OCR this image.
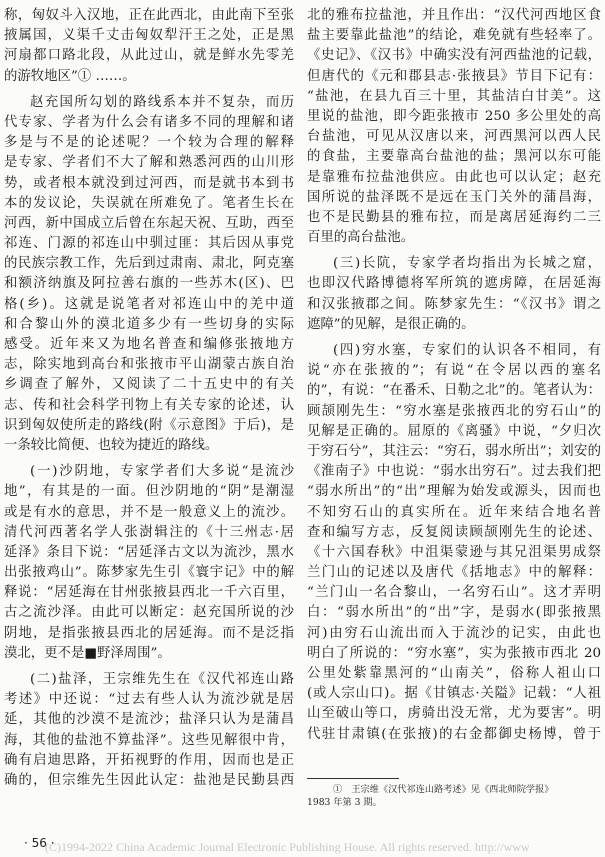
称，匈奴斗入汉地，正在此西北，由此南下至张
掖属国，义渠千丈击匈奴犁汗王之处，正是黑
河扇都口路北段，从此过山，就是鲜水先零羌
的游牧地区”① ……。
赵充国所勾划的路线系本并不复杂，而历
代专家、学者为什么会有诸多不同的理解和诸
多是与不是的论述呢？一个较为合理的解释
是专家、学者们不大了解和熟悉河西的山川形
势，或者根本就没到过河西，而是就书本到书
本的发议论，失误就在所难免了。笔者生长在
河西，新中国成立后曾在东起天祝、互助，西至
祁连、门源的祁连山中驯过匪：其后因从事党
的民族宗教工作，先后到过肃南、肃北，阿克塞
和额济纳旗及阿拉善右旗的一些苏木(区)、巴
格(乡)。这就是说笔者对祁连山中的羌中道
和合黎山外的漠北道多少有一些切身的实际
感受。近年来又为地名普查和编修张掖地方
志，除实地到高台和张掖市平山湖蒙古族自治
乡调查了解外，又阅读了二十五史中的有关
志、传和社会科学刊物上有关专家的论述，认
识到匈奴使所走的路线(附《示意图》于后)，是
一条较比简便、也较为捷近的路线。
(一)沙阴地，专家学者们大多说“是流沙
地”，有其是的一面。但沙阴地的“阴”是潮湿
或是有水的意思，并不是一般意义上的流沙。
清代河西著名学人张澍辑注的《十三州志·居
延泽》条目下说：“居延泽古文以为流沙，黑水
出张掖鸡山”。陈梦家先生引《寰宇记》中的解
释说：“居延海在甘州张掖县西北一千六百里，
古之流沙泽。由此可以断定：赵充国所说的沙
阴地，是指张掖县西北的居延海。而不是泛指
漠北，更不是■野泽周围”。
(二)盐泽，王宗维先生在《汉代祁连山路
考述》中还说：“过去有些人认为流沙就是居
延，其他的沙漠不是流沙；盐泽只认为是蒲昌
海，其他的盐池不算盐泽”。这些见解很中肯，
确有启迪思路，开拓视野的作用，因而也是正
确的，但宗维先生因此认定：盐池是民勤县西
北的雅布拉盐池，并且作出：“汉代河西地区食
盐主要靠此盐池”的结论，难免就有些轻率了。
《史记》、《汉书》中确实没有河西盐池的记载，
但唐代的《元和郡县志·张掖县》节目下记有：
“盐池，在县九百三十里，其盐洁白甘美”。这
里说的盐池，即今距张掖市 250 多公里处的高
台盐池，可见从汉唐以来，河西黑河以西人民
的食盐，主要靠高台盐池的盐；黑河以东可能
是靠雅布拉盐池供应。由此也可以认定；赵充
国所说的盐泽既不是远在玉门关外的蒲昌海，
也不是民勤县的雅布拉，而是离居延海约二三
百里的高台盐池。
(三)长阬，专家学者均指出为长城之窟，
也即汉代路博德将军所筑的遮虏障，在居延海
和汉张掖郡之间。陈梦家先生：“《汉书》谓之
遮障”的见解，是很正确的。
(四)穷水塞，专家们的认识各不相同，有
说“亦在张掖的”；有说“在令居以西的塞名
的”，有说：“在番禾、日勒之北”的。笔者认为：
顾颉刚先生：“穷水塞是张掖西北的穷石山”的
见解是正确的。屈原的《离骚》中说，“夕归次
于穷石兮”，其注云：“穷石，弱水所出”；刘安的
《淮南子》中也说：“弱水出穷石”。过去我们把
“弱水所出”的“出”理解为始发或源头，因而也
不知穷石山的真实所在。近年来结合地名普
查和编写方志，反复阅读顾颉刚先生的论述、
《十六国春秋》中沮渠蒙逊与其兄沮渠男成祭
兰门山的记述以及唐代《括地志》中的解释：
“兰门山一名合黎山，一名穷石山”。这才弄明
白：“弱水所出”的“出”字，是弱水(即张掖黑
河)由穷石山流出而入于流沙的记实，由此也
明白了所说的：“穷水塞”，实为张掖市西北 20
公里处紫靠黑河的“山南关”，俗称人祖山口
(或人宗山口)。据《甘镇志·关隘》记载：“人祖
山至破山等口，虏骑出没无常，尤为要害”。明
代驻甘肃镇(在张掖)的右金都御史杨博，曾于
①　王宗维《汉代祁连山路考述》见《西北师院学报》
1983 年第 3 期。
· 56 ·
(C)1994-2022 China Academic Journal Electronic Publishing House. All rights reserved. http://www
